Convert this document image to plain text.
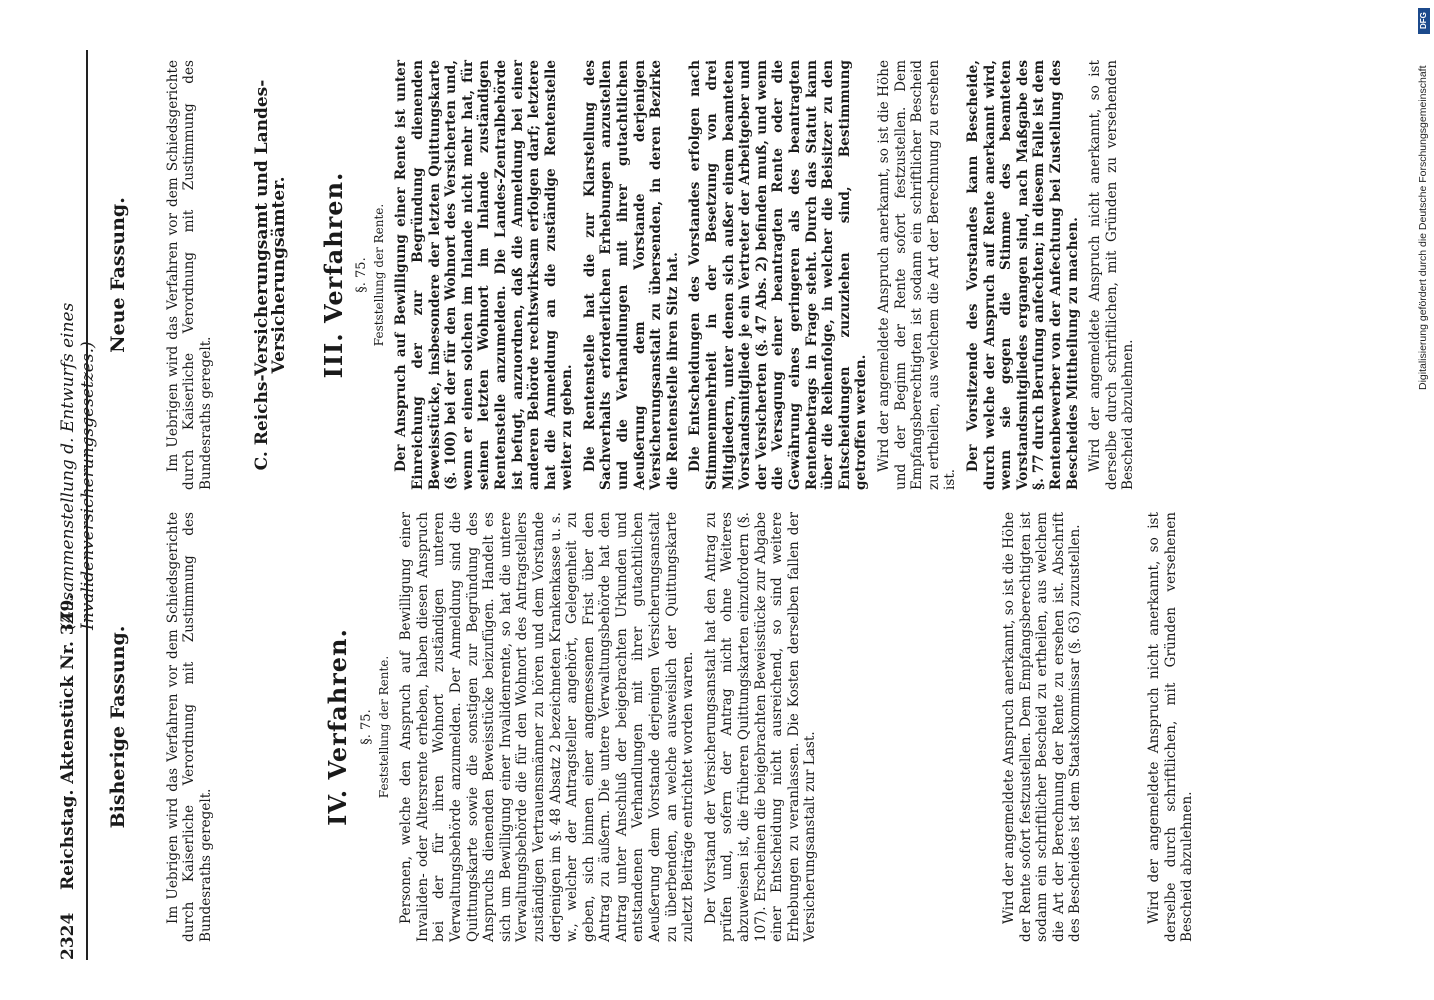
2324
Reichstag. Aktenstück Nr. 349.
(Zusammenstellung d. Entwurfs eines Invalidenversicherungsgesetzes.)
Bisherige Fassung.	Im Uebrigen wird das Verfahren vor dem Schiedsgerichte durch Kaiserliche Verordnung mit Zustimmung des Bundesraths geregelt.

IV. Verfahren. §. 75. Feststellung der Rente. Personen, welche den Anspruch auf Bewilligung einer Invaliden- oder Altersrente erheben, haben diesen Anspruch bei der für ihren Wohnort zuständigen unteren Verwaltungsbehörde anzumelden. Der Anmeldung sind die Quittungskarte sowie die sonstigen zur Begründung des Anspruchs dienenden Beweisstücke beizufügen. Handelt es sich um Bewilligung einer Invalidenrente, so hat die untere Verwaltungsbehörde die für den Wohnort des Antragstellers zuständigen Vertrauensmänner zu hören und dem Vorstande derjenigen im §. 48 Absatz 2 bezeichneten Krankenkasse u. s. w., welcher der Antragsteller angehört, Gelegenheit zu geben, sich binnen einer angemessenen Frist über den Antrag zu äußern. Die untere Verwaltungsbehörde hat den Antrag unter Anschluß der beigebrachten Urkunden und entstandenen Verhandlungen mit ihrer gutachtlichen Aeußerung dem Vorstande derjenigen Versicherungsanstalt zu überbenden, an welche ausweislich der Quittungskarte zuletzt Beiträge entrichtet worden waren. Der Vorstand der Versicherungsanstalt hat den Antrag zu prüfen und, sofern der Antrag nicht ohne Weiteres abzuweisen ist, die früheren Quittungskarten einzufordern (§. 107). Erscheinen die beigebrachten Beweisstücke zur Abgabe einer Entscheidung nicht ausreichend, so sind weitere Erhebungen zu veranlassen. Die Kosten derselben fallen der Versicherungsanstalt zur Last.	Wird der angemeldete Anspruch anerkannt, so ist die Höhe der Rente sofort festzustellen. Dem Empfangsberechtigten ist sodann ein schriftlicher Bescheid zu ertheilen, aus welchem die Art der Berechnung der Rente zu ersehen ist. Abschrift des Bescheides ist dem Staatskommissar (§. 63) zuzustellen.	Wird der angemeldete Anspruch nicht anerkannt, so ist derselbe durch schriftlichen, mit Gründen versehenen Bescheid abzulehnen.

Neue Fassung.	Im Uebrigen wird das Verfahren vor dem Schiedsgerichte durch Kaiserliche Verordnung mit Zustimmung des Bundesraths geregelt. C. Reichs-Versicherungsamt und Landes-Versicherungsämter. III. Verfahren. §. 75. Feststellung der Rente. Der Anspruch auf Bewilligung einer Rente ist unter Einreichung der zur Begründung dienenden Beweisstücke, insbesondere der letzten Quittungskarte (§. 100) bei der für den Wohnort des Versicherten und, wenn er einen solchen im Inlande nicht mehr hat, für seinen letzten Wohnort im Inlande zuständigen Rentenstelle anzumelden. Die Landes-Zentralbehörde ist befugt, anzuordnen, daß die Anmeldung bei einer anderen Behörde rechtswirksam erfolgen darf; letztere hat die Anmeldung an die zuständige Rentenstelle weiter zu geben. Die Rentenstelle hat die zur Klarstellung des Sachverhalts erforderlichen Erhebungen anzustellen und die Verhandlungen mit ihrer gutachtlichen Aeußerung dem Vorstande derjenigen Versicherungsanstalt zu übersenden, in deren Bezirke die Rentenstelle ihren Sitz hat. Die Entscheidungen des Vorstandes erfolgen nach Stimmenmehrheit in der Besetzung von drei Mitgliedern, unter denen sich außer einem beamteten Vorstandsmitgliede je ein Vertreter der Arbeitgeber und der Versicherten (§. 47 Abs. 2) befinden muß, und wenn die Versagung einer beantragten Rente oder die Gewährung eines geringeren als des beantragten Rentenbetrags in Frage steht. Durch das Statut kann über die Reihenfolge, in welcher die Beisitzer zu den Entscheidungen zuzuziehen sind, Bestimmung getroffen werden. Wird der angemeldete Anspruch anerkannt, so ist die Höhe und der Beginn der Rente sofort festzustellen. Dem Empfangsberechtigten ist sodann ein schriftlicher Bescheid zu ertheilen, aus welchem die Art der Berechnung zu ersehen ist.

Der Vorsitzende des Vorstandes kann Bescheide, durch welche der Anspruch auf Rente anerkannt wird, wenn sie gegen die Stimme des beamteten Vorstandsmitgliedes ergangen sind, nach Maßgabe des §. 77 durch Berufung anfechten; in diesem Falle ist dem Rentenbewerber von der Anfechtung bei Zustellung des Bescheides Mittheilung zu machen. Wird der angemeldete Anspruch nicht anerkannt, so ist derselbe durch schriftlichen, mit Gründen zu versehenden Bescheid abzulehnen.

DFG
Digitalisierung gefördert durch die Deutsche Forschungsgemeinschaft
